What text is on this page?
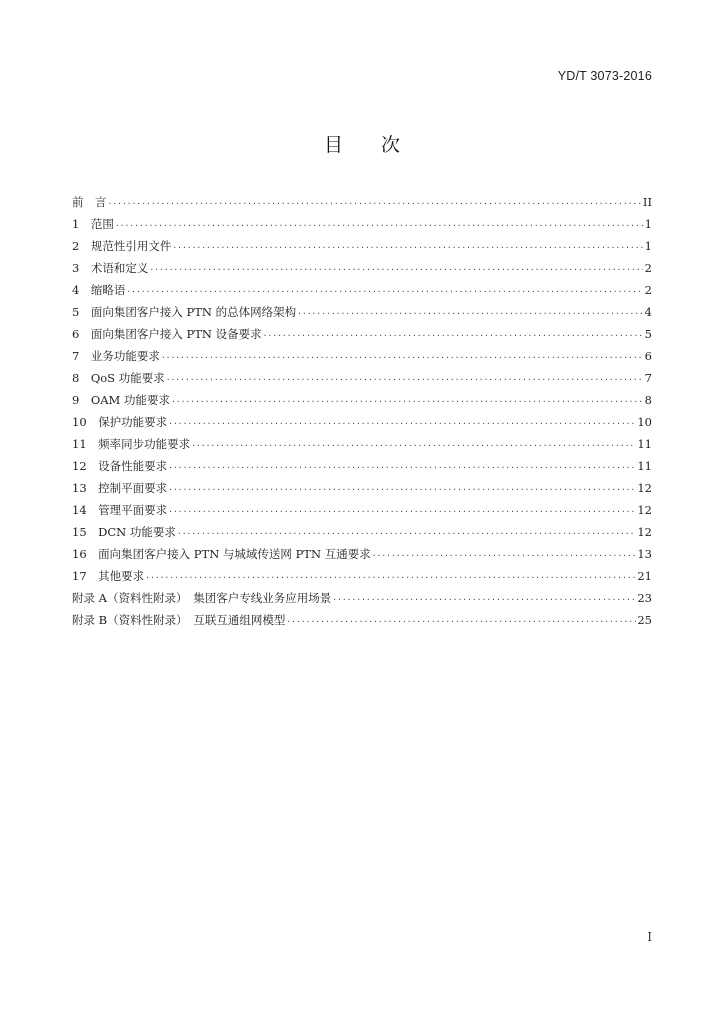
YD/T 3073-2016
目次
前　言 ·····	II
1　范围 ·····	1
2　规范性引用文件 ·····	1
3　术语和定义 ·····	2
4　缩略语 ·····	2
5　面向集团客户接入 PTN 的总体网络架构 ·····	4
6　面向集团客户接入 PTN 设备要求 ·····	5
7　业务功能要求 ·····	6
8　QoS 功能要求 ·····	7
9　OAM 功能要求 ·····	8
10　保护功能要求 ·····	10
11　频率同步功能要求 ·····	11
12　设备性能要求 ·····	11
13　控制平面要求 ·····	12
14　管理平面要求 ·····	12
15　DCN 功能要求 ·····	12
16　面向集团客户接入 PTN 与城域传送网 PTN 互通要求 ·····	13
17　其他要求 ·····	21
附录 A（资料性附录）　集团客户专线业务应用场景 ·····	23
附录 B（资料性附录）　互联互通组网模型 ·····	25
I
